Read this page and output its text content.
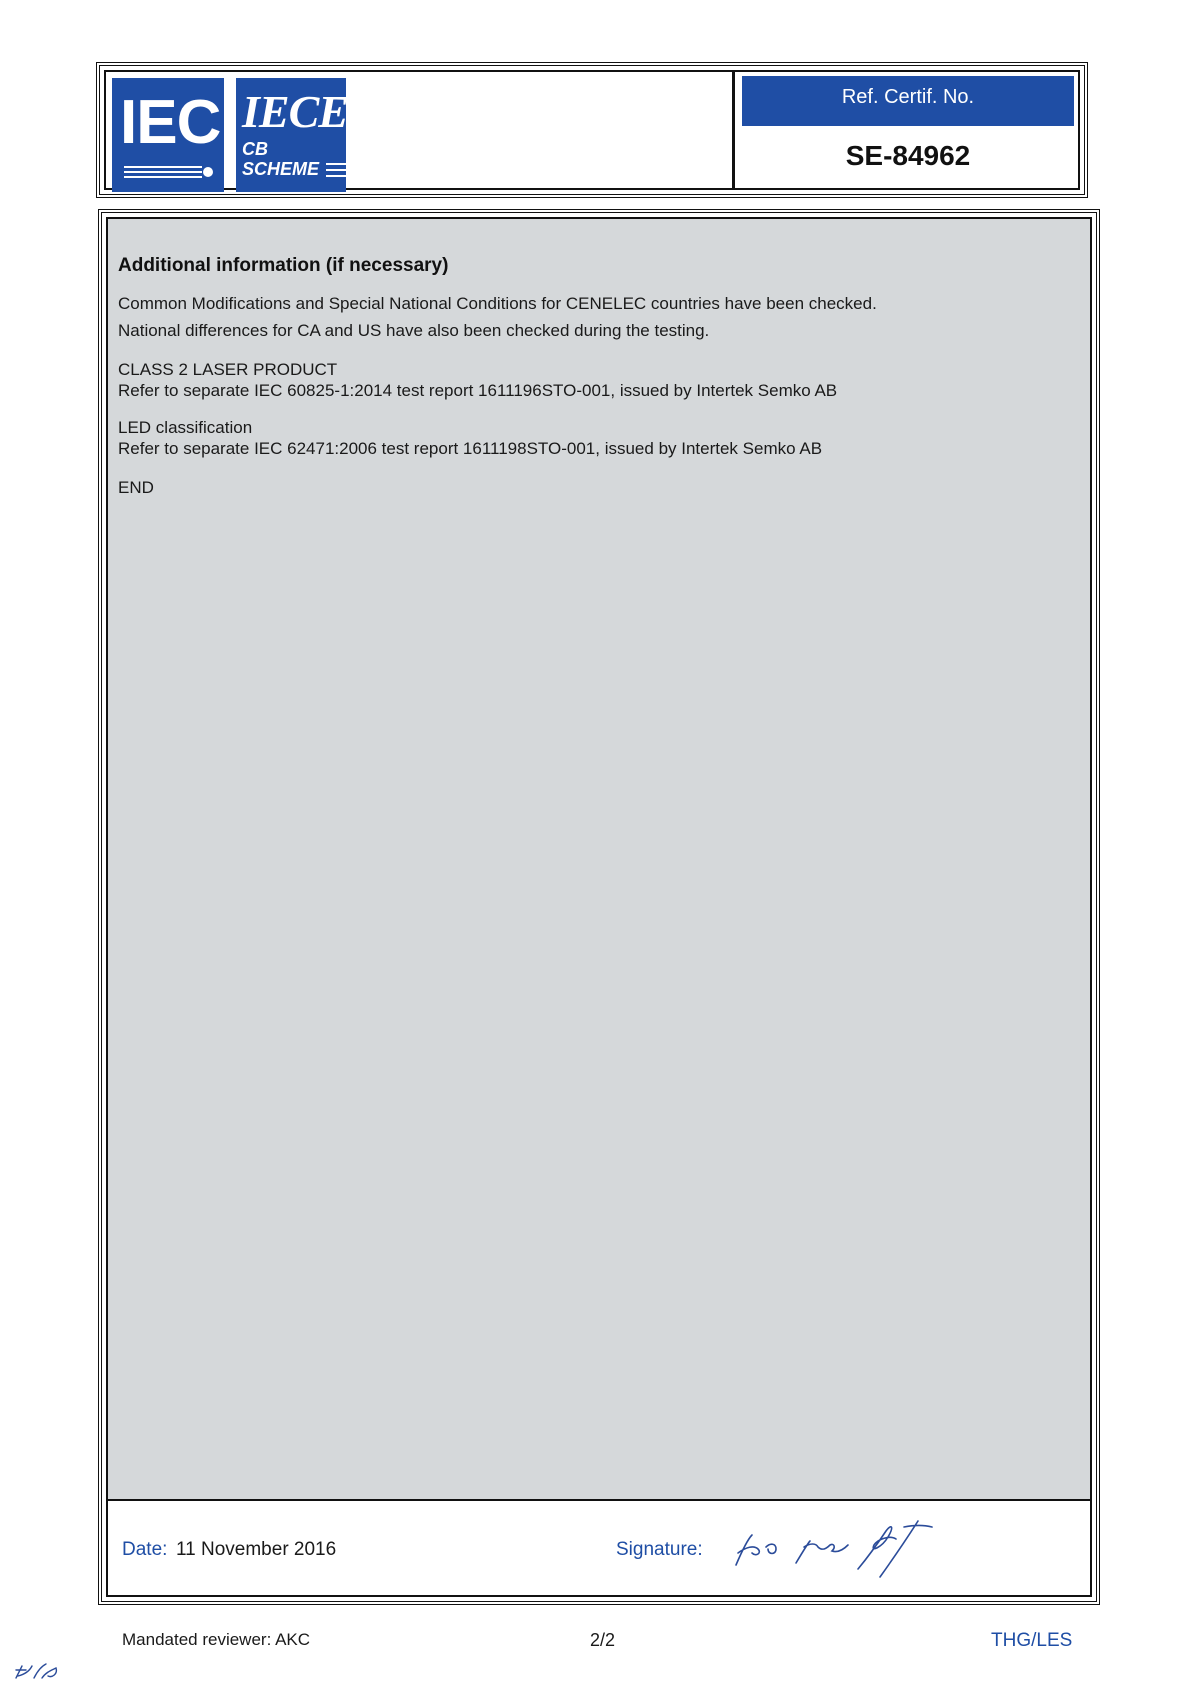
IEC IECEE
CB
SCHEME
Ref. Certif. No.
SE-84962
Additional information (if necessary)
Common Modifications and Special National Conditions for CENELEC countries have been checked.
National differences for CA and US have also been checked during the testing.
CLASS 2 LASER PRODUCT
Refer to separate IEC 60825-1:2014 test report 1611196STO-001, issued by Intertek Semko AB
LED classification
Refer to separate IEC 62471:2006 test report 1611198STO-001, issued by Intertek Semko AB
END
Date: 11 November 2016	Signature:
Mandated reviewer: AKC	2/2	THG/LES
